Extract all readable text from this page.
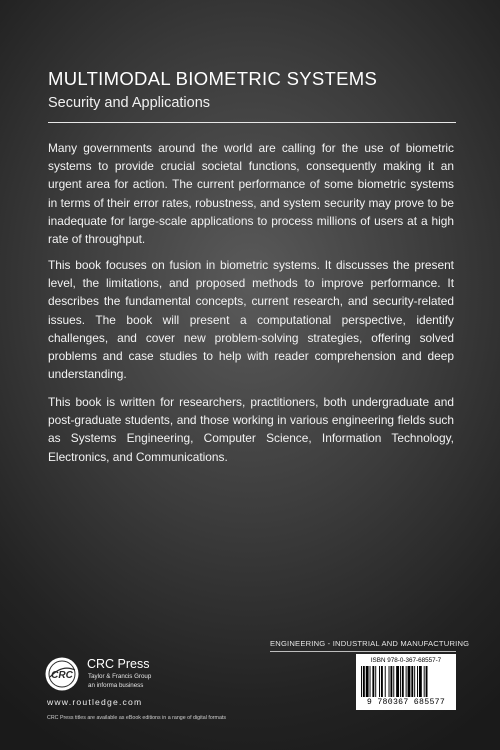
MULTIMODAL BIOMETRIC SYSTEMS
Security and Applications

Many governments around the world are calling for the use of biometric systems to provide crucial societal functions, consequently making it an urgent area for action. The current performance of some biometric systems in terms of their error rates, robustness, and system security may prove to be inadequate for large-scale applications to process millions of users at a high rate of throughput.

This book focuses on fusion in biometric systems. It discusses the present level, the limitations, and proposed methods to improve performance. It describes the fundamental concepts, current research, and security-related issues. The book will present a computational perspective, identify challenges, and cover new problem-solving strategies, offering solved problems and case studies to help with reader comprehension and deep understanding.

This book is written for researchers, practitioners, both undergraduate and post-graduate students, and those working in various engineering fields such as Systems Engineering, Computer Science, Information Technology, Electronics, and Communications.

ENGINEERING - INDUSTRIAL AND MANUFACTURING
CRC
CRC Press
Taylor & Francis Group
an informa business
www.routledge.com
CRC Press titles are available as eBook editions in a range of digital formats
ISBN 978-0-367-68557-7
9 780367 685577
